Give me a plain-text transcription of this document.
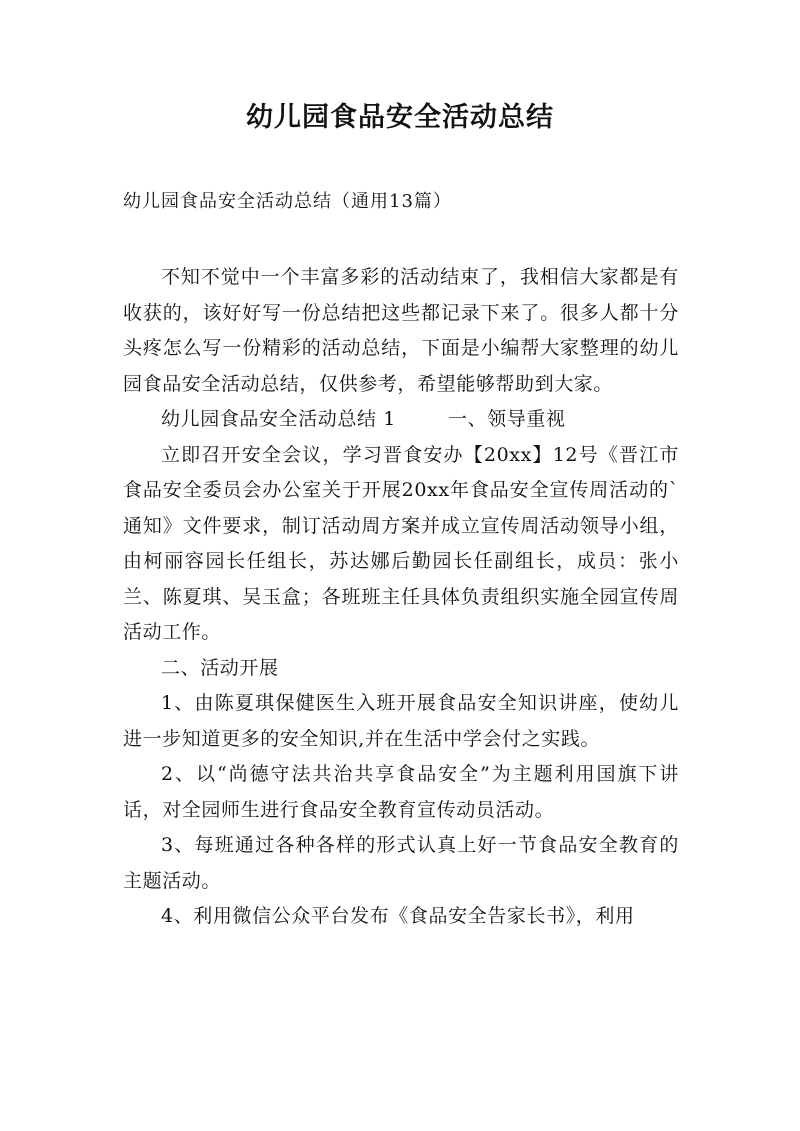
幼儿园食品安全活动总结

幼儿园食品安全活动总结（通用13篇）

不知不觉中一个丰富多彩的活动结束了，我相信大家都是有收获的，该好好写一份总结把这些都记录下来了。很多人都十分头疼怎么写一份精彩的活动总结，下面是小编帮大家整理的幼儿园食品安全活动总结，仅供参考，希望能够帮助到大家。

幼儿园食品安全活动总结 1	一、领导重视

立即召开安全会议，学习晋食安办【20xx】12号《晋江市食品安全委员会办公室关于开展20xx年食品安全宣传周活动的`通知》文件要求，制订活动周方案并成立宣传周活动领导小组，由柯丽容园长任组长，苏达娜后勤园长任副组长，成员：张小兰、陈夏琪、吴玉盒；各班班主任具体负责组织实施全园宣传周活动工作。

二、活动开展

1、由陈夏琪保健医生入班开展食品安全知识讲座，使幼儿进一步知道更多的安全知识,并在生活中学会付之实践。

2、以“尚德守法共治共享食品安全”为主题利用国旗下讲话，对全园师生进行食品安全教育宣传动员活动。

3、每班通过各种各样的形式认真上好一节食品安全教育的主题活动。

4、利用微信公众平台发布《食品安全告家长书》，利用
